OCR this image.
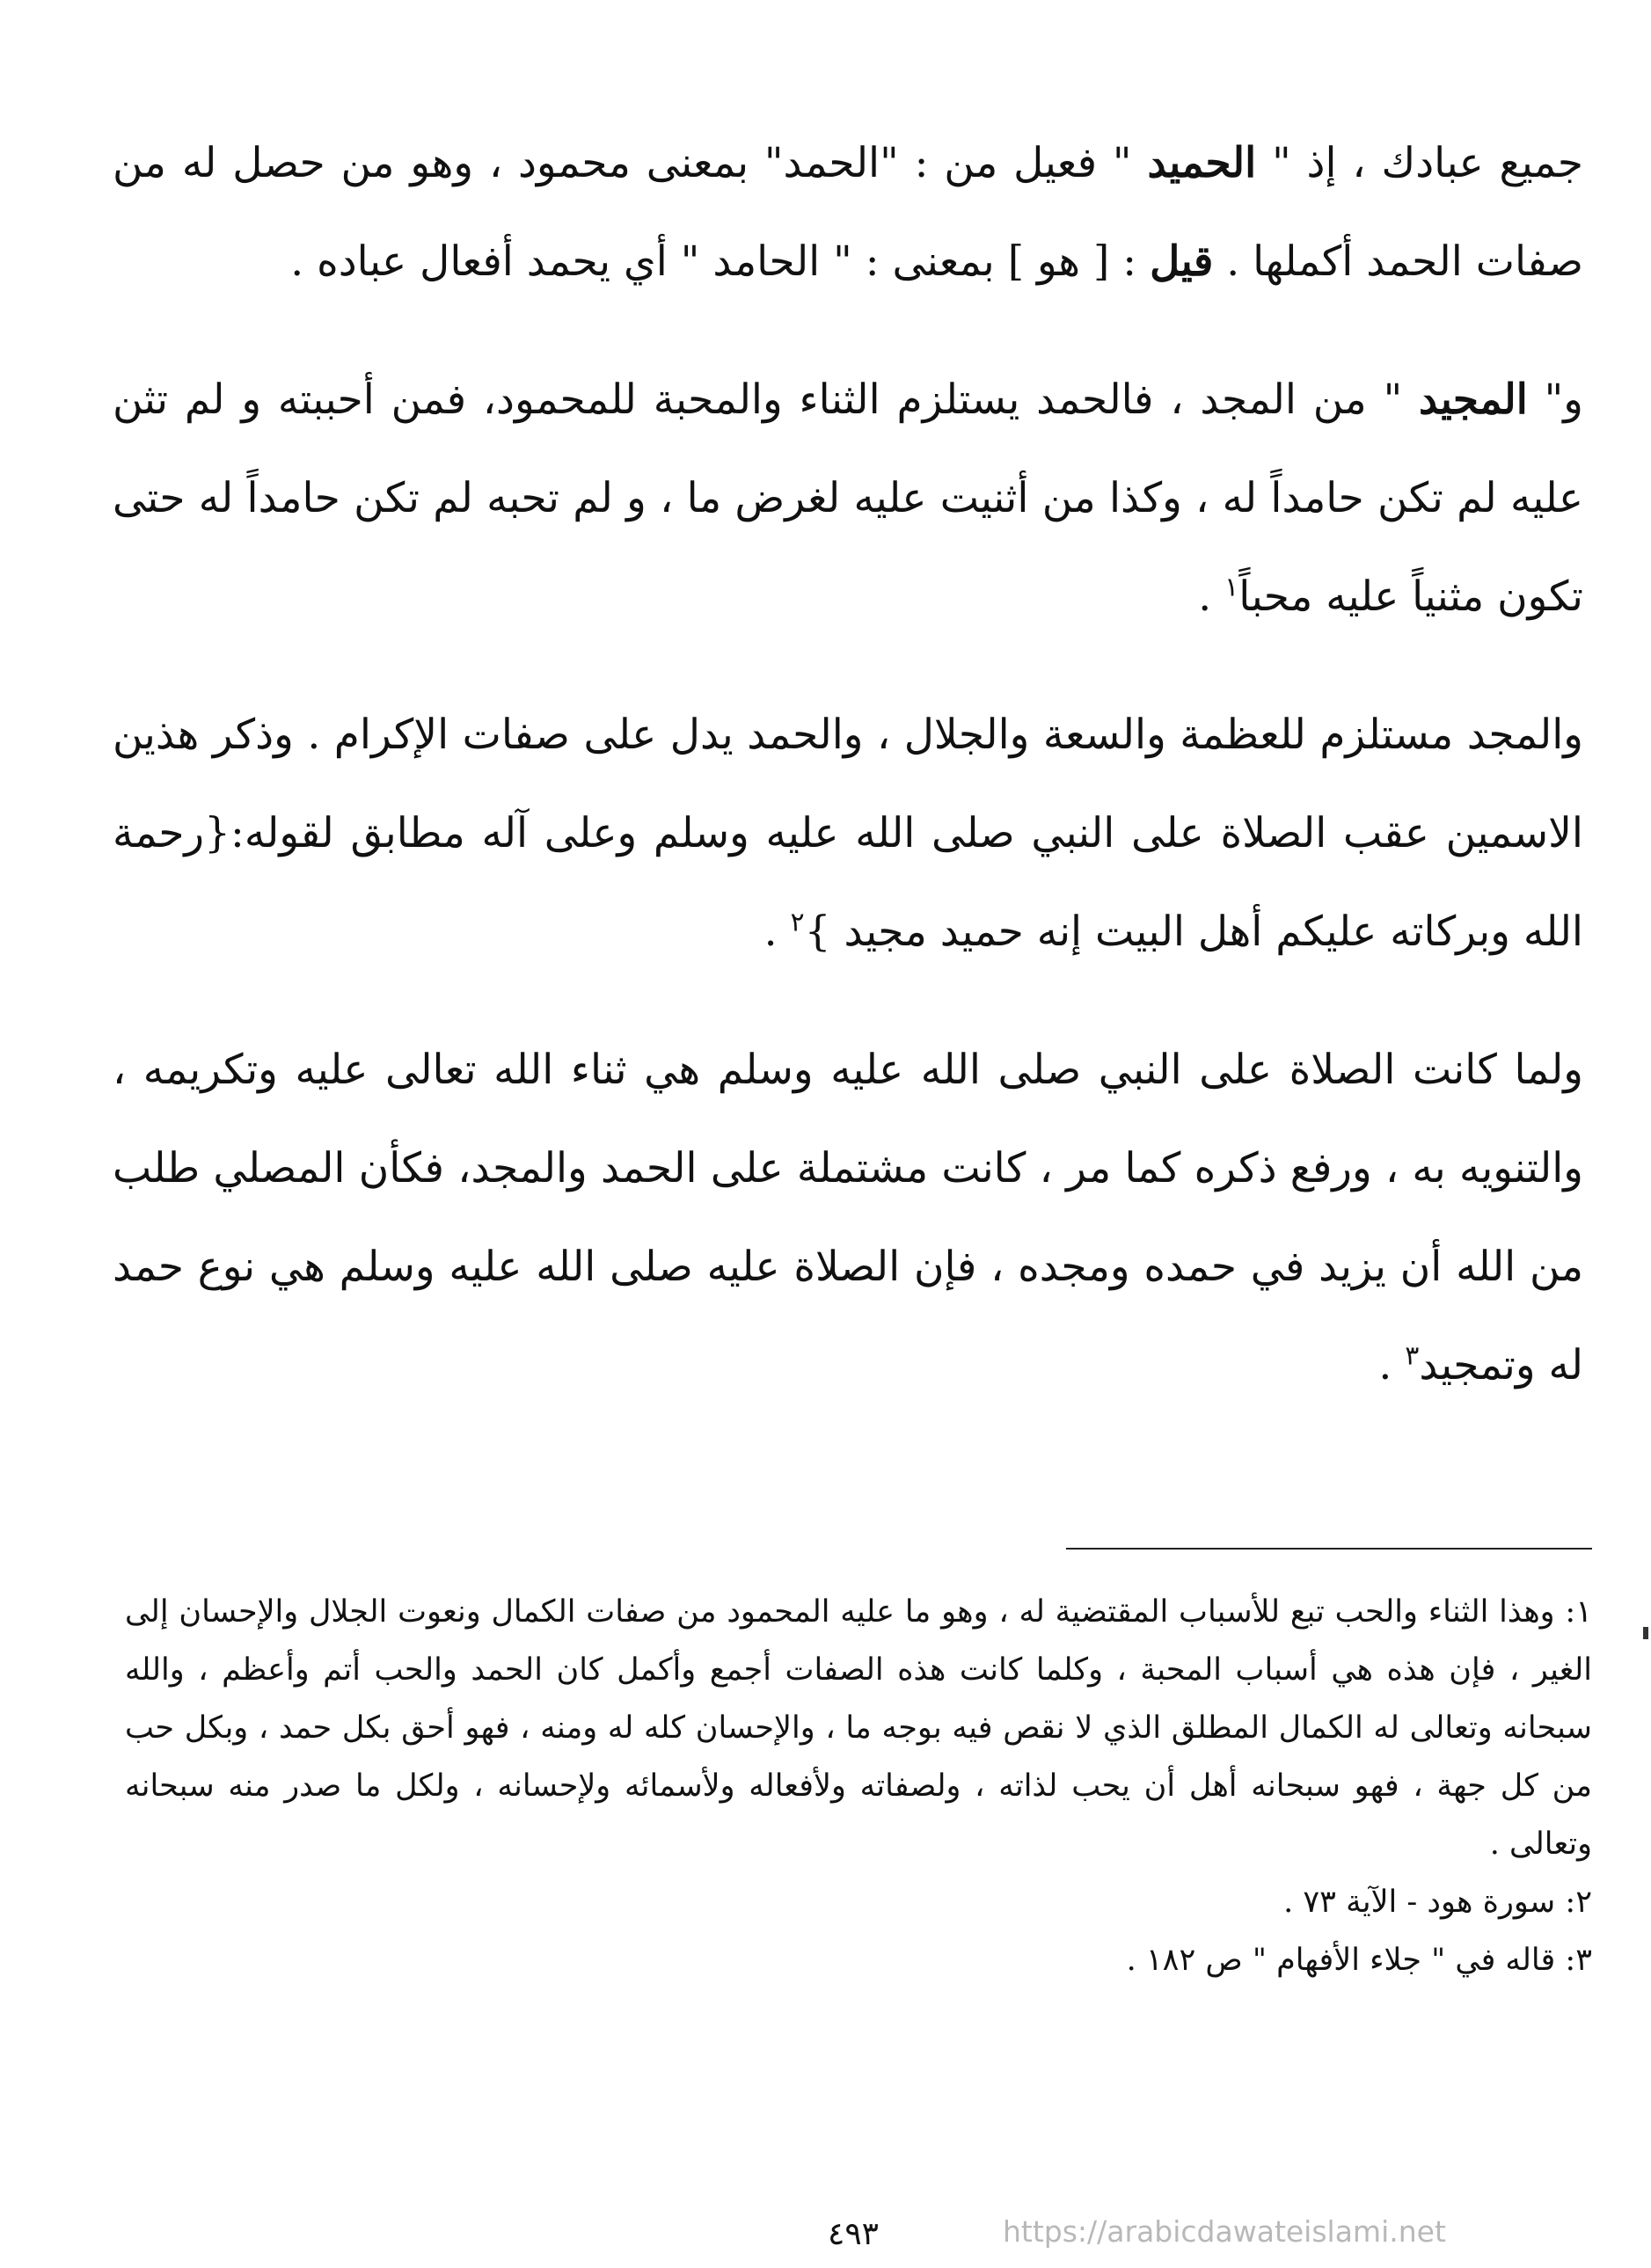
جميع عبادك ، إذ " الحميد " فعيل من : "الحمد" بمعنى محمود ، وهو من حصل له من صفات الحمد أكملها . قيل : [ هو ] بمعنى : " الحامد " أي يحمد أفعال عباده .

و" المجيد " من المجد ، فالحمد يستلزم الثناء والمحبة للمحمود، فمن أحببته و لم تثن عليه لم تكن حامداً له ، وكذا من أثنيت عليه لغرض ما ، و لم تحبه لم تكن حامداً له حتى تكون مثنياً عليه محباً$^١$ .

والمجد مستلزم للعظمة والسعة والجلال ، والحمد يدل على صفات الإكرام . وذكر هذين الاسمين عقب الصلاة على النبي صلى الله عليه وسلم وعلى آله مطابق لقوله:{رحمة الله وبركاته عليكم أهل البيت إنه حميد مجيد }$^٢$ .

ولما كانت الصلاة على النبي صلى الله عليه وسلم هي ثناء الله تعالى عليه وتكريمه ، والتنويه به ، ورفع ذكره كما مر ، كانت مشتملة على الحمد والمجد، فكأن المصلي طلب من الله أن يزيد في حمده ومجده ، فإن الصلاة عليه صلى الله عليه وسلم هي نوع حمد له وتمجيد$^٣$ .

١: وهذا الثناء والحب تبع للأسباب المقتضية له ، وهو ما عليه المحمود من صفات الكمال ونعوت الجلال والإحسان إلى الغير ، فإن هذه هي أسباب المحبة ، وكلما كانت هذه الصفات أجمع وأكمل كان الحمد والحب أتم وأعظم ، والله سبحانه وتعالى له الكمال المطلق الذي لا نقص فيه بوجه ما ، والإحسان كله له ومنه ، فهو أحق بكل حمد ، وبكل حب من كل جهة ، فهو سبحانه أهل أن يحب لذاته ، ولصفاته ولأفعاله ولأسمائه ولإحسانه ، ولكل ما صدر منه سبحانه وتعالى .

٢: سورة هود - الآية ٧٣ .

٣: قاله في " جلاء الأفهام " ص ١٨٢ .

٤٩٣	https://arabicdawateislami.net
